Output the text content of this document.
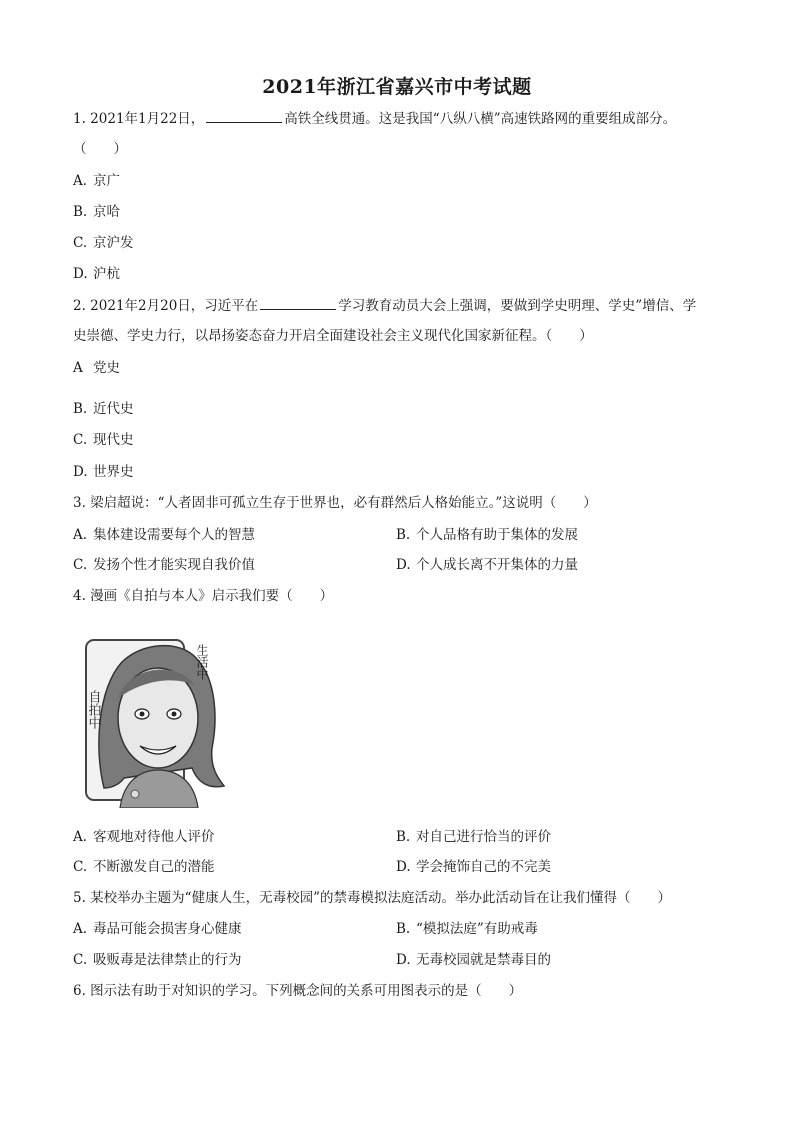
2021年浙江省嘉兴市中考试题
1. 2021年1月22日，	高铁全线贯通。这是我国“八纵八横”高速铁路网的重要组成部分。
（　　）
A. 京广
B. 京哈
C. 京沪发
D. 沪杭
2. 2021年2月20日，习近平在	学习教育动员大会上强调，要做到学史明理、学史”增信、学
史崇德、学史力行，以昂扬姿态奋力开启全面建设社会主义现代化国家新征程。（　　）
A 党史
B. 近代史
C. 现代史
D. 世界史
3. 梁启超说：“人者固非可孤立生存于世界也，必有群然后人格始能立。”这说明（　　）
A. 集体建设需要每个人的智慧	B. 个人品格有助于集体的发展
C. 发扬个性才能实现自我价值	D. 个人成长离不开集体的力量
4. 漫画《自拍与本人》启示我们要（　　）
自拍中
生活中
A. 客观地对待他人评价	B. 对自己进行恰当的评价
C. 不断激发自己的潜能	D. 学会掩饰自己的不完美
5. 某校举办主题为“健康人生，无毒校园”的禁毒模拟法庭活动。举办此活动旨在让我们懂得（　　）
A. 毒品可能会损害身心健康	B. “模拟法庭”有助戒毒
C. 吸贩毒是法律禁止的行为	D. 无毒校园就是禁毒目的
6. 图示法有助于对知识的学习。下列概念间的关系可用图表示的是（　　）
